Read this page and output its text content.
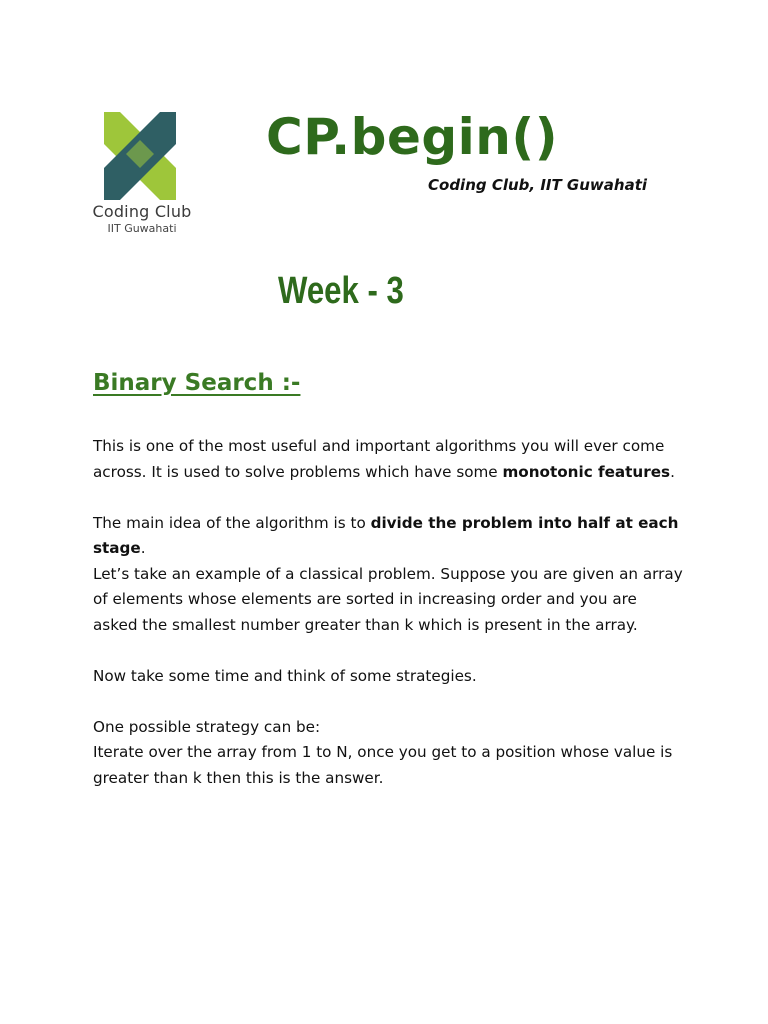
Coding Club
IIT Guwahati
CP.begin()
Coding Club, IIT Guwahati
Week - 3
Binary Search :-

This is one of the most useful and important algorithms you will ever come across. It is used to solve problems which have some monotonic features.

The main idea of the algorithm is to divide the problem into half at each stage.

Let’s take an example of a classical problem. Suppose you are given an array of elements whose elements are sorted in increasing order and you are asked the smallest number greater than k which is present in the array.

Now take some time and think of some strategies.

One possible strategy can be:

Iterate over the array from 1 to N, once you get to a position whose value is greater than k then this is the answer.
